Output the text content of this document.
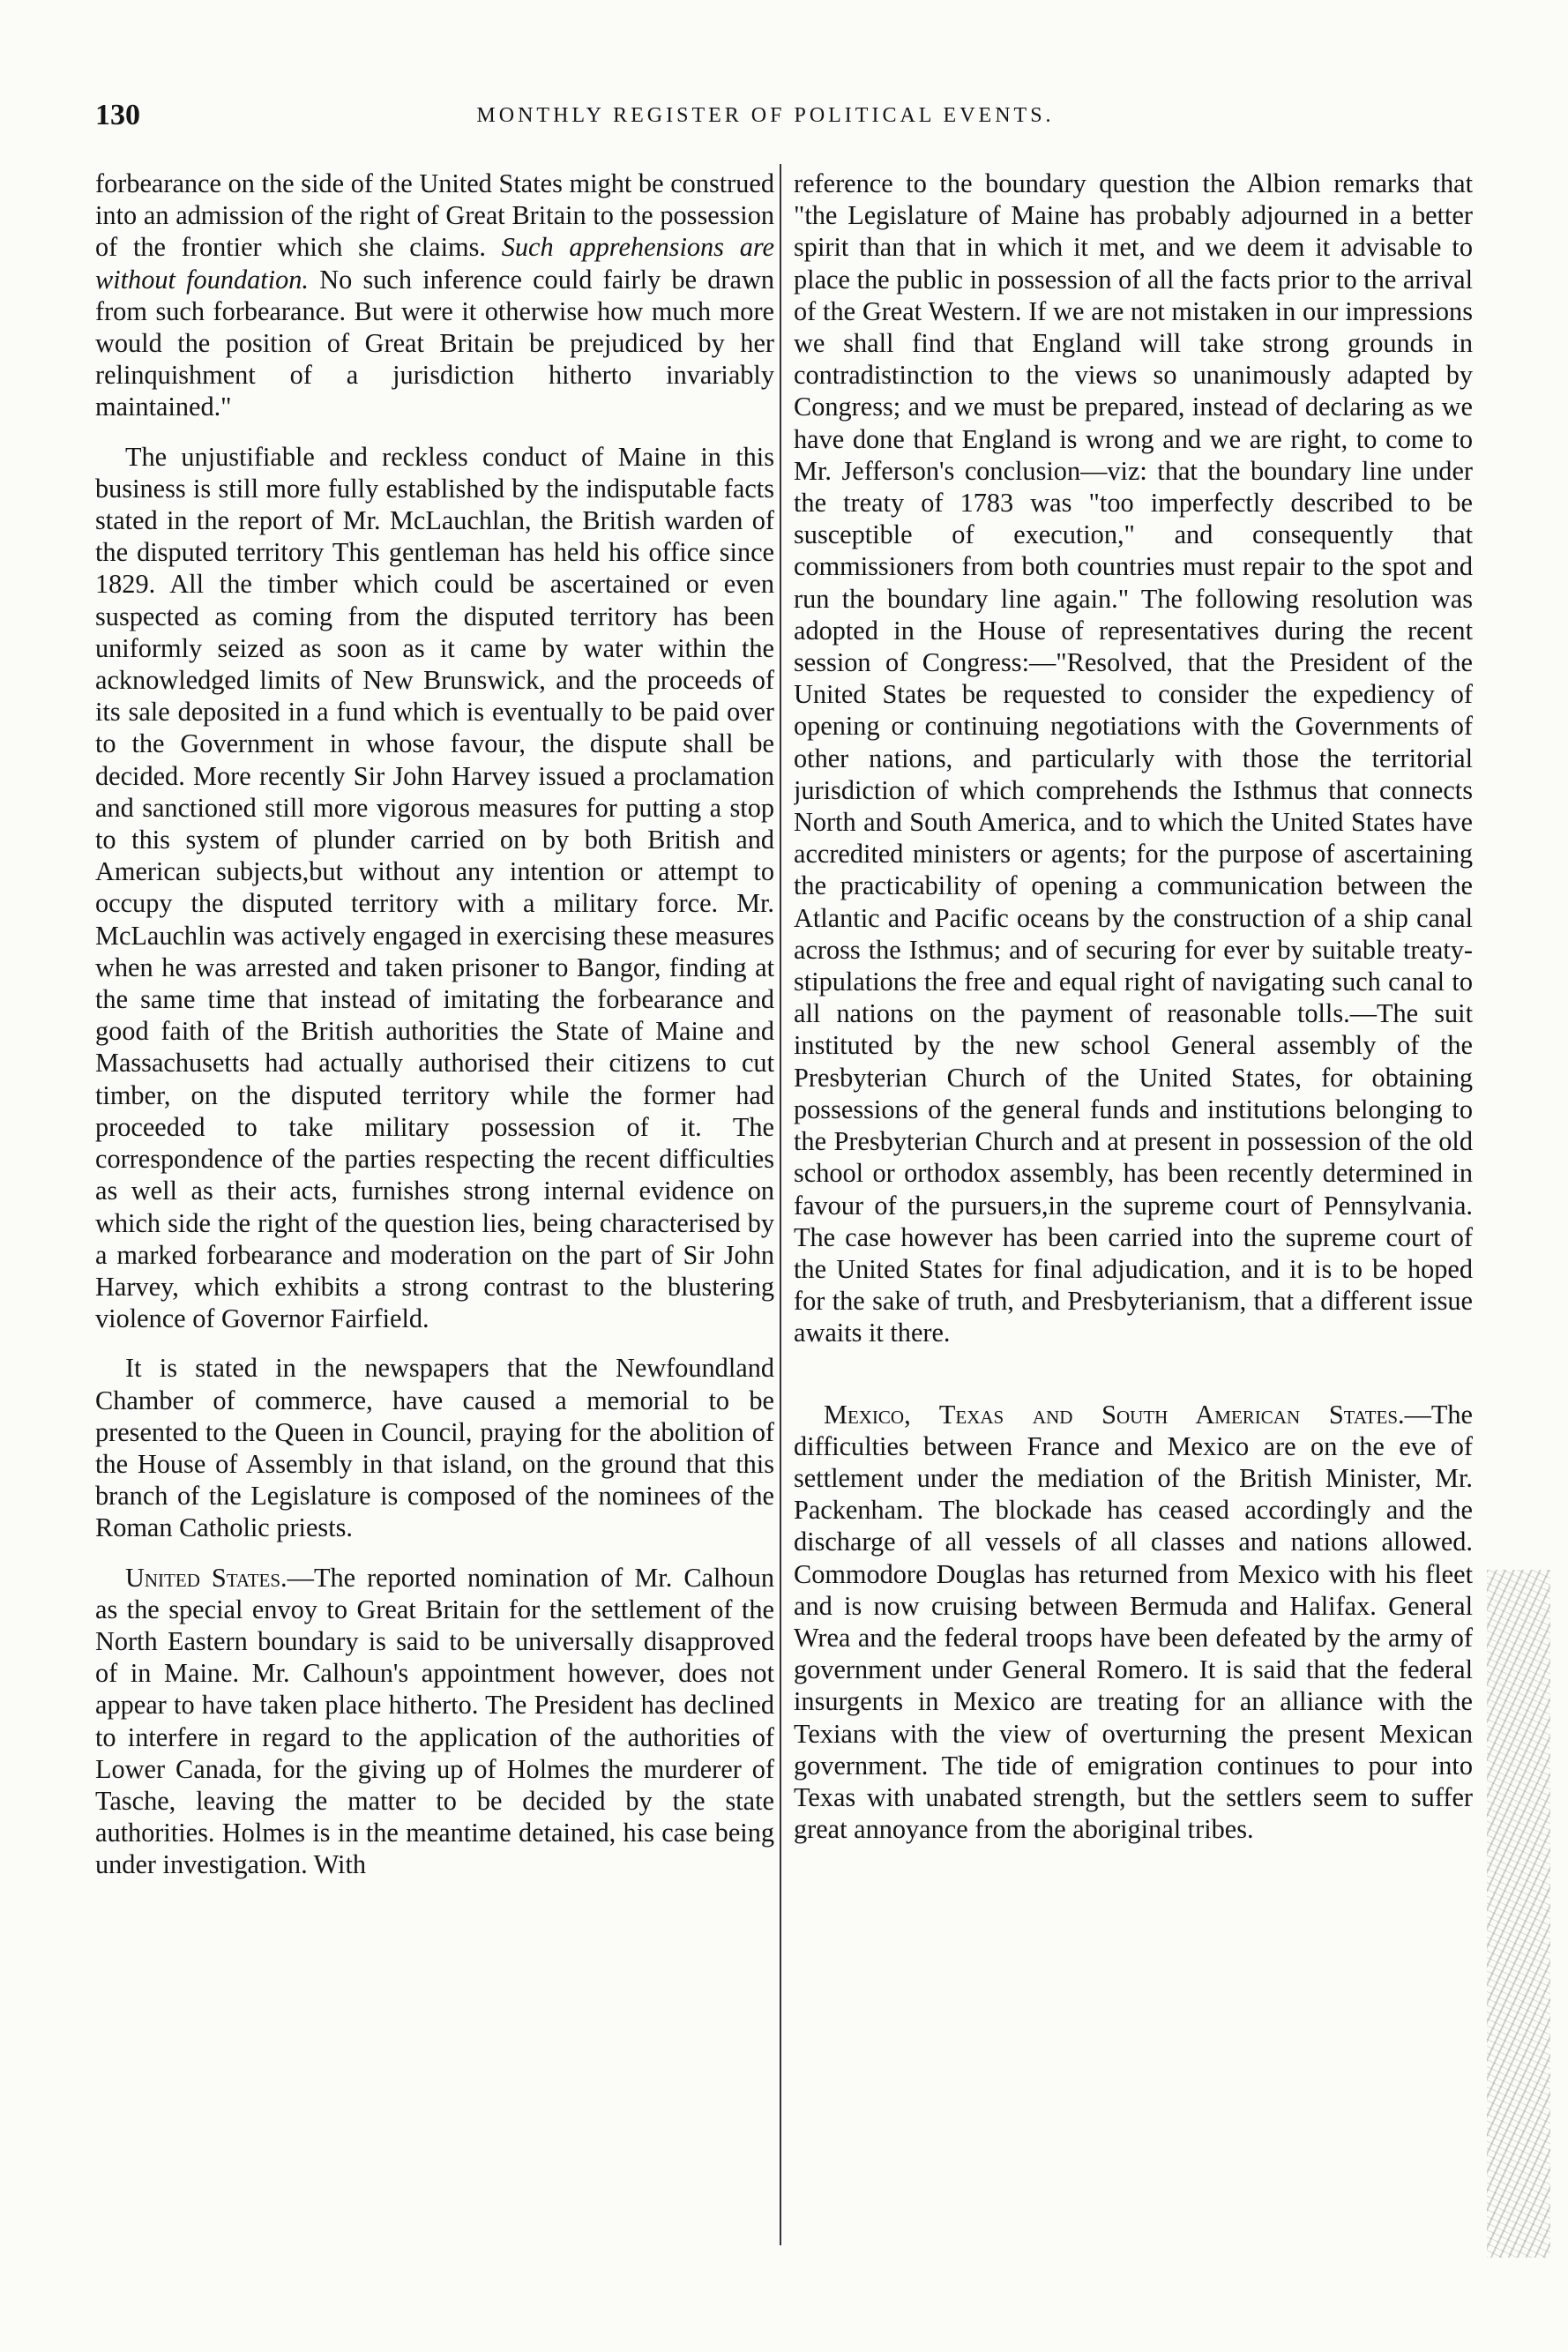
130	MONTHLY REGISTER OF POLITICAL EVENTS.

forbearance on the side of the United States might be construed into an admission of the right of Great Britain to the possession of the frontier which she claims. Such apprehensions are without foundation. No such inference could fairly be drawn from such forbearance. But were it otherwise how much more would the position of Great Britain be prejudiced by her relinquishment of a jurisdiction hitherto invariably maintained."

The unjustifiable and reckless conduct of Maine in this business is still more fully established by the indisputable facts stated in the report of Mr. McLauchlan, the British warden of the disputed territory This gentleman has held his office since 1829. All the timber which could be ascertained or even suspected as coming from the disputed territory has been uniformly seized as soon as it came by water within the acknowledged limits of New Brunswick, and the proceeds of its sale deposited in a fund which is eventually to be paid over to the Government in whose favour, the dispute shall be decided. More recently Sir John Harvey issued a proclamation and sanctioned still more vigorous measures for putting a stop to this system of plunder carried on by both British and American subjects,but without any intention or attempt to occupy the disputed territory with a military force. Mr. McLauchlin was actively engaged in exercising these measures when he was arrested and taken prisoner to Bangor, finding at the same time that instead of imitating the forbearance and good faith of the British authorities the State of Maine and Massachusetts had actually authorised their citizens to cut timber, on the disputed territory while the former had proceeded to take military possession of it. The correspondence of the parties respecting the recent difficulties as well as their acts, furnishes strong internal evidence on which side the right of the question lies, being characterised by a marked forbearance and moderation on the part of Sir John Harvey, which exhibits a strong contrast to the blustering violence of Governor Fairfield.

It is stated in the newspapers that the Newfoundland Chamber of commerce, have caused a memorial to be presented to the Queen in Council, praying for the abolition of the House of Assembly in that island, on the ground that this branch of the Legislature is composed of the nominees of the Roman Catholic priests.

United States.—The reported nomination of Mr. Calhoun as the special envoy to Great Britain for the settlement of the North Eastern boundary is said to be universally disapproved of in Maine. Mr. Calhoun's appointment however, does not appear to have taken place hitherto. The President has declined to interfere in regard to the application of the authorities of Lower Canada, for the giving up of Holmes the murderer of Tasche, leaving the matter to be decided by the state authorities. Holmes is in the meantime detained, his case being under investigation. With

reference to the boundary question the Albion remarks that "the Legislature of Maine has probably adjourned in a better spirit than that in which it met, and we deem it advisable to place the public in possession of all the facts prior to the arrival of the Great Western. If we are not mistaken in our impressions we shall find that England will take strong grounds in contradistinction to the views so unanimously adapted by Congress; and we must be prepared, instead of declaring as we have done that England is wrong and we are right, to come to Mr. Jefferson's conclusion—viz: that the boundary line under the treaty of 1783 was "too imperfectly described to be susceptible of execution," and consequently that commissioners from both countries must repair to the spot and run the boundary line again." The following resolution was adopted in the House of representatives during the recent session of Congress:—"Resolved, that the President of the United States be requested to consider the expediency of opening or continuing negotiations with the Governments of other nations, and particularly with those the territorial jurisdiction of which comprehends the Isthmus that connects North and South America, and to which the United States have accredited ministers or agents; for the purpose of ascertaining the practicability of opening a communication between the Atlantic and Pacific oceans by the construction of a ship canal across the Isthmus; and of securing for ever by suitable treaty-stipulations the free and equal right of navigating such canal to all nations on the payment of reasonable tolls.—The suit instituted by the new school General assembly of the Presbyterian Church of the United States, for obtaining possessions of the general funds and institutions belonging to the Presbyterian Church and at present in possession of the old school or orthodox assembly, has been recently determined in favour of the pursuers,in the supreme court of Pennsylvania. The case however has been carried into the supreme court of the United States for final adjudication, and it is to be hoped for the sake of truth, and Presbyterianism, that a different issue awaits it there.

Mexico, Texas and South American States.—The difficulties between France and Mexico are on the eve of settlement under the mediation of the British Minister, Mr. Packenham. The blockade has ceased accordingly and the discharge of all vessels of all classes and nations allowed. Commodore Douglas has returned from Mexico with his fleet and is now cruising between Bermuda and Halifax. General Wrea and the federal troops have been defeated by the army of government under General Romero. It is said that the federal insurgents in Mexico are treating for an alliance with the Texians with the view of overturning the present Mexican government. The tide of emigration continues to pour into Texas with unabated strength, but the settlers seem to suffer great annoyance from the aboriginal tribes.
